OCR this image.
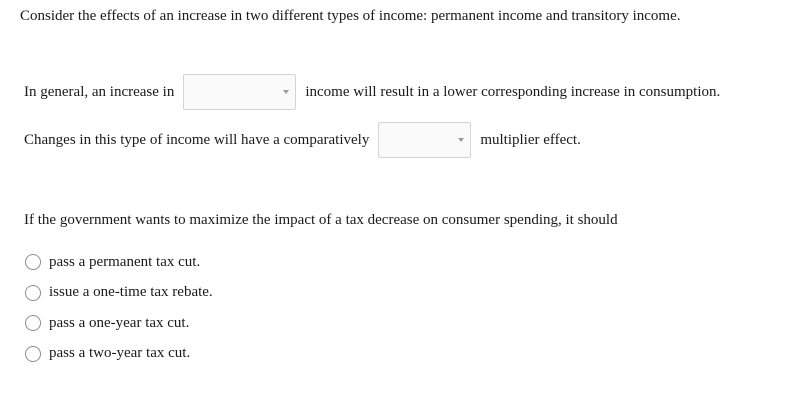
Consider the effects of an increase in two different types of income: permanent income and transitory income.
In general, an increase in	income will result in a lower corresponding increase in consumption.
Changes in this type of income will have a comparatively	multiplier effect.
If the government wants to maximize the impact of a tax decrease on consumer spending, it should
pass a permanent tax cut.
issue a one-time tax rebate.
pass a one-year tax cut.
pass a two-year tax cut.
